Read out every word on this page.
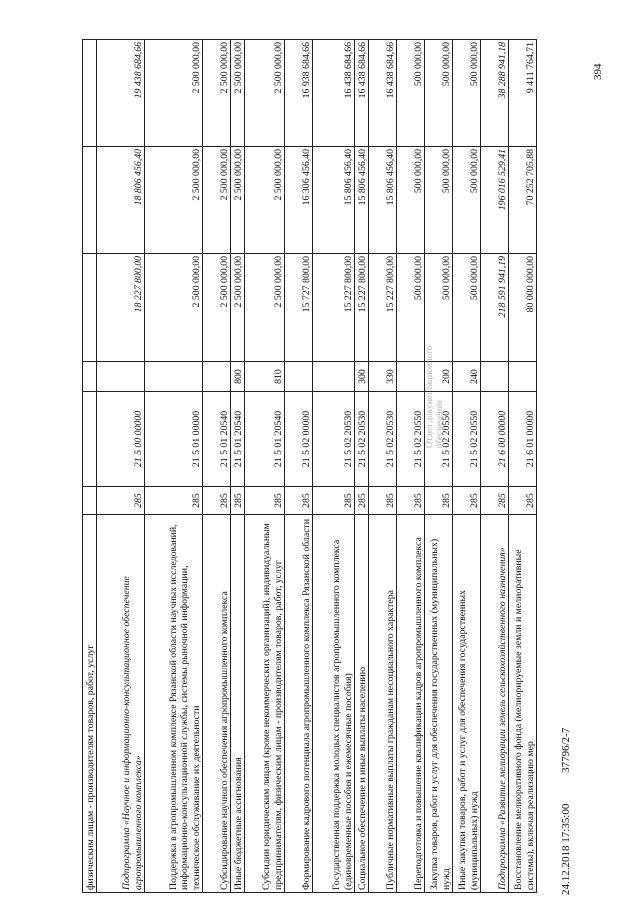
394
Отдел документационного обеспечения
24.12.2018 17:35:00 37796/2-7
физическим лицам - производителям товаров, работ, услуг						
Подпрограмма «Научное и информационно-консультационное обеспечение агропромышленного комплекса»	285	21 5 00 00000		18 227 800,00	18 806 456,40	19 438 684,66
Поддержка в агропромышленном комплексе Рязанской области научных исследований, информационно-консультационной службы, системы рыночной информации, техническое обслуживание их деятельности	285	21 5 01 00000		2 500 000,00	2 500 000,00	2 500 000,00
Субсидирование научного обеспечения агропромышленного комплекса	285	21 5 01 20540		2 500 000,00	2 500 000,00	2 500 000,00
Иные бюджетные ассигнования	285	21 5 01 20540	800	2 500 000,00	2 500 000,00	2 500 000,00
Субсидии юридическим лицам (кроме некоммерческих организаций), индивидуальным предпринимателям, физическим лицам - производителям товаров, работ, услуг	285	21 5 01 20540	810	2 500 000,00	2 500 000,00	2 500 000,00
Формирование кадрового потенциала агропромышленного комплекса Рязанской области	285	21 5 02 00000		15 727 800,00	16 306 456,40	16 938 684,66
Государственная поддержка молодых специалистов агропромышленного комплекса (единовременные пособия и ежемесячные пособия)	285	21 5 02 20530		15 227 800,00	15 806 456,40	16 438 684,66
Социальное обеспечение и иные выплаты населению	285	21 5 02 20530	300	15 227 800,00	15 806 456,40	16 438 684,66
Публичные нормативные выплаты гражданам несоциального характера	285	21 5 02 20530	330	15 227 800,00	15 806 456,40	16 438 684,66
Переподготовка и повышение квалификации кадров агропромышленного комплекса	285	21 5 02 20550		500 000,00	500 000,00	500 000,00
Закупка товаров, работ и услуг для обеспечения государственных (муниципальных) нужд	285	21 5 02 20550	200	500 000,00	500 000,00	500 000,00
Иные закупки товаров, работ и услуг для обеспечения государственных (муниципальных) нужд	285	21 5 02 20550	240	500 000,00	500 000,00	500 000,00
Подпрограмма «Развитие мелиорации земель сельскохозяйственного назначения»	285	21 6 00 00000		218 591 941,19	196 016 529,41	38 288 941,18
Восстановление мелиоративного фонда (мелиорируемые земли и мелиоративные системы), включая реализацию мер	285	21 6 01 00000		80 000 000,00	70 252 705,88	9 411 764,71
